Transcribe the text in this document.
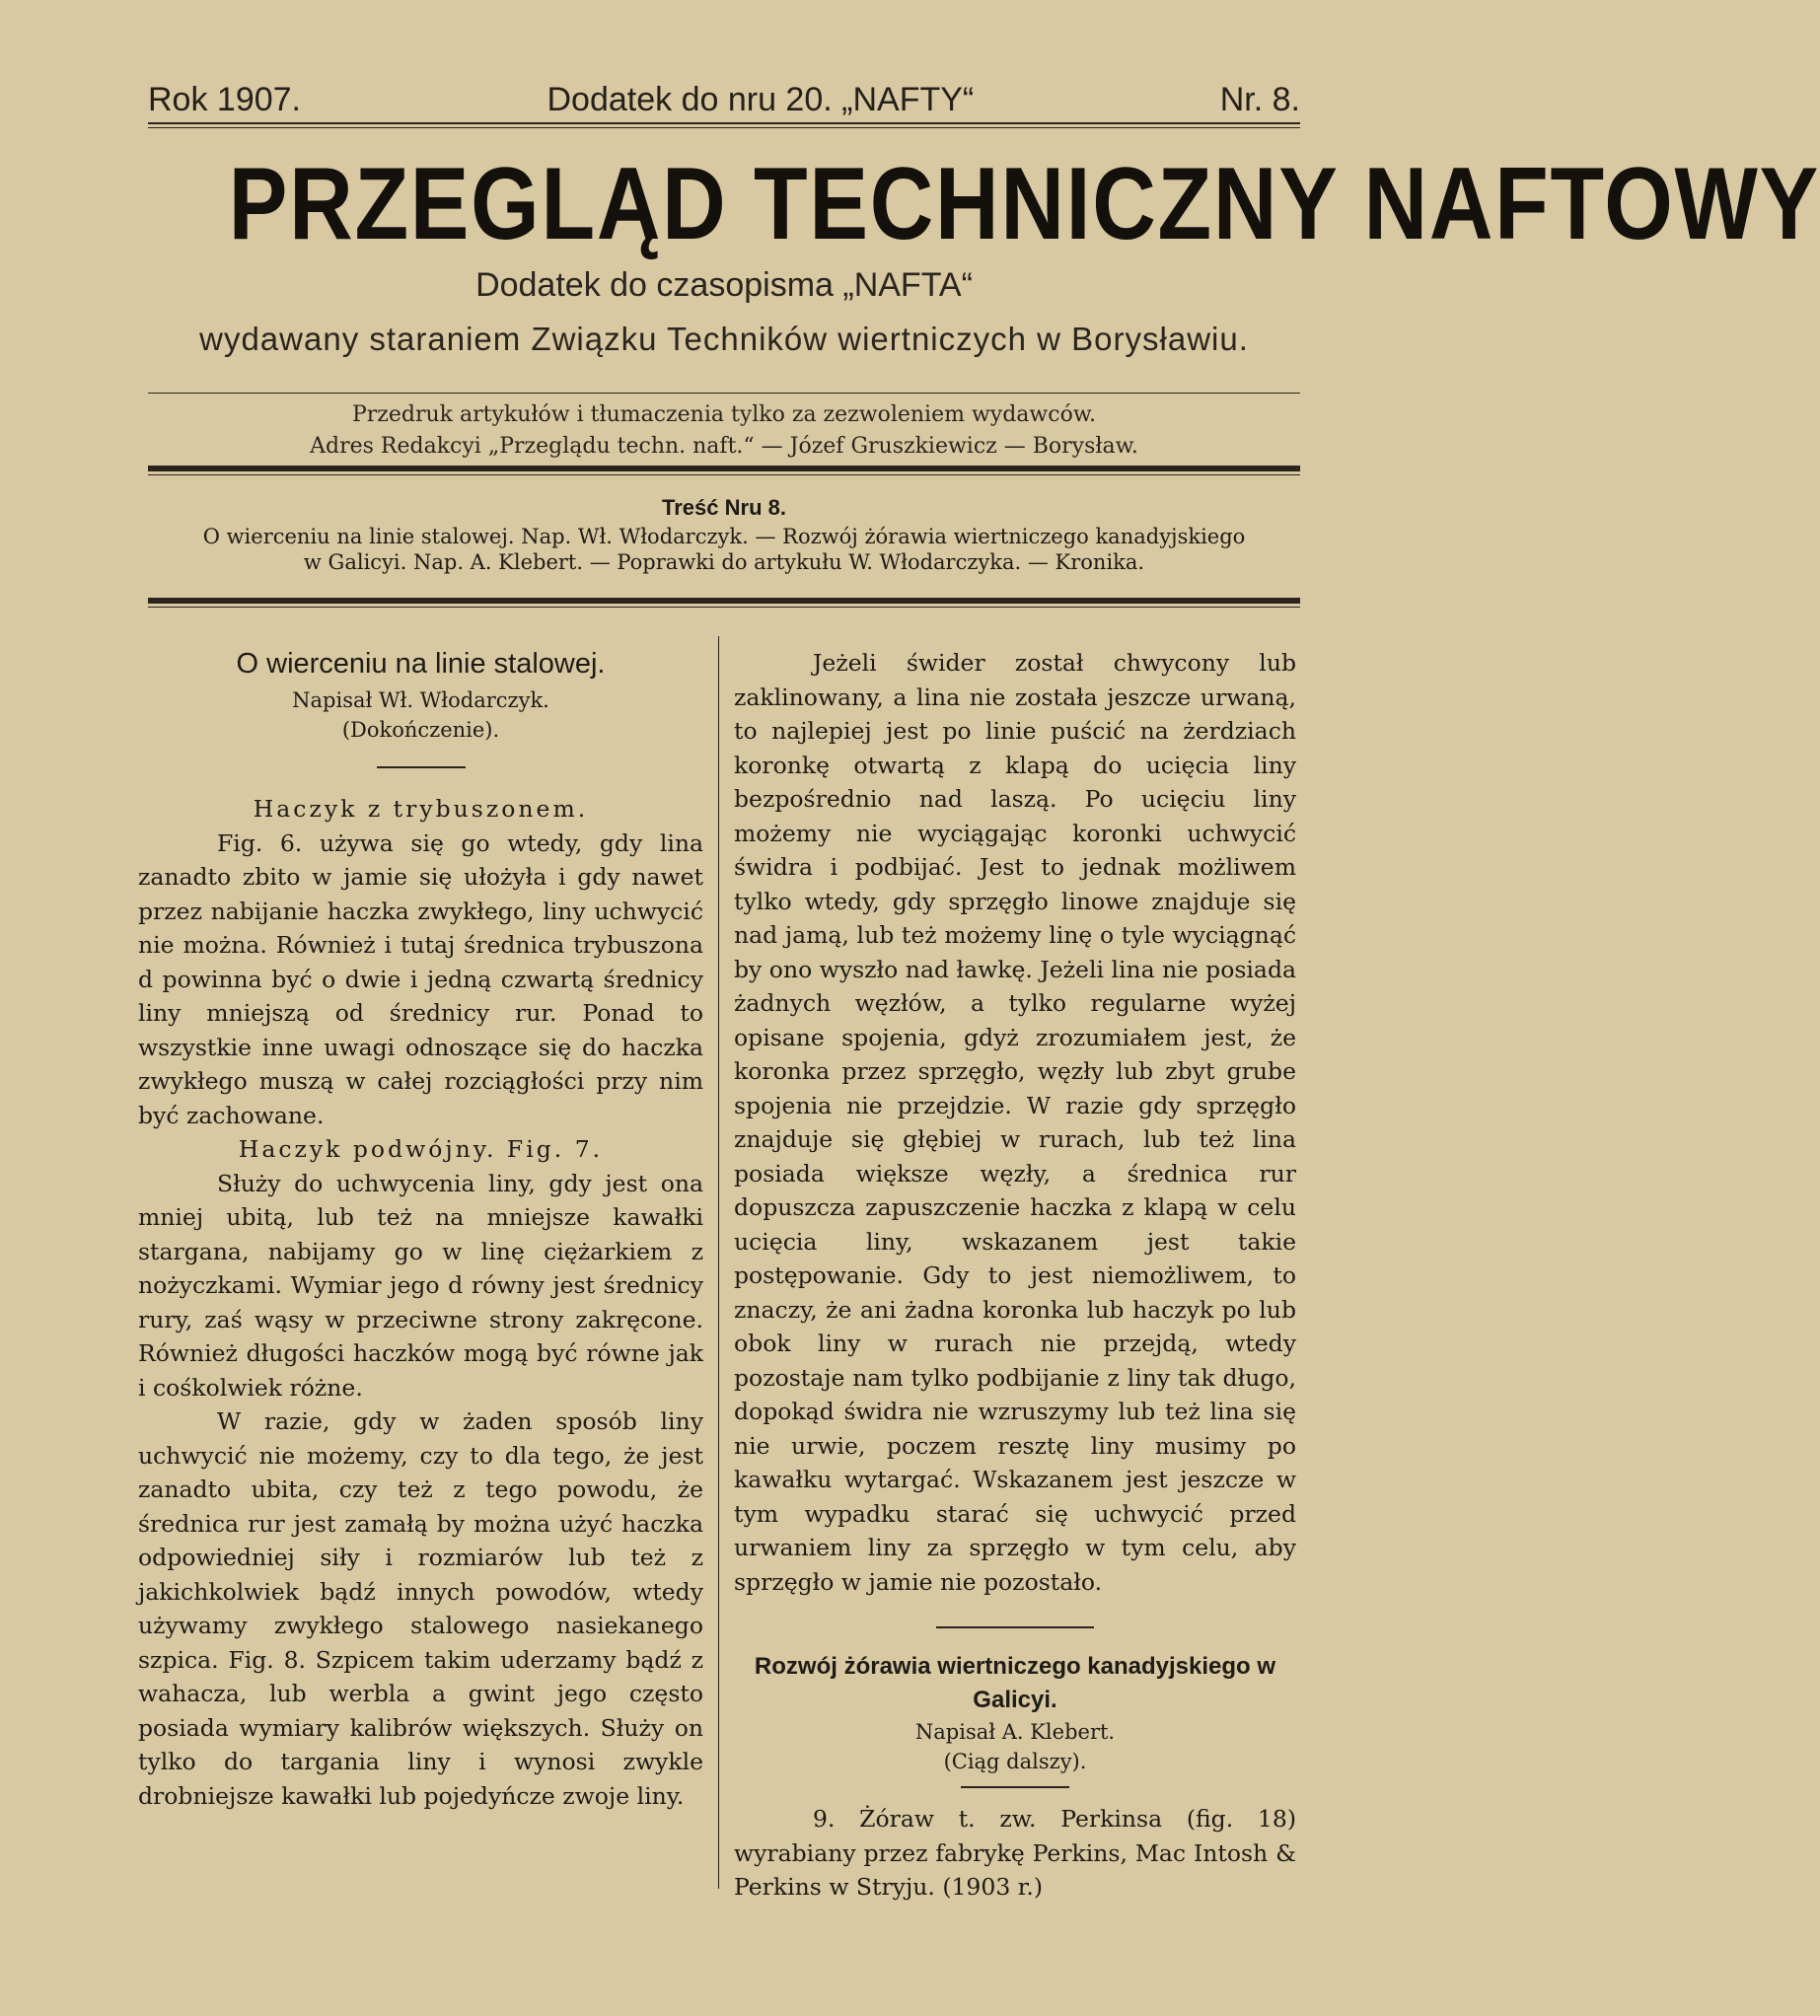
Rok 1907.	Dodatek do nru 20. „NAFTY“	Nr. 8.
PRZEGLĄD TECHNICZNY NAFTOWY
Dodatek do czasopisma „NAFTA“
wydawany staraniem Związku Techników wiertniczych w Borysławiu.
Przedruk artykułów i tłumaczenia tylko za zezwoleniem wydawców.
Adres Redakcyi „Przeglądu techn. naft.“ — Józef Gruszkiewicz — Borysław.
Treść Nru 8.
O wierceniu na linie stalowej. Nap. Wł. Włodarczyk. — Rozwój żórawia wiertniczego kanadyjskiego
w Galicyi. Nap. A. Klebert. — Poprawki do artykułu W. Włodarczyka. — Kronika.
O wierceniu na linie stalowej.

Napisał Wł. Włodarczyk.

(Dokończenie).

Haczyk z trybuszonem.

Fig. 6. używa się go wtedy, gdy lina zanadto zbito w jamie się ułożyła i gdy nawet przez nabijanie haczka zwykłego, liny uchwycić nie można. Również i tutaj średnica trybuszona d powinna być o dwie i jedną czwartą średnicy liny mniejszą od średnicy rur. Ponad to wszystkie inne uwagi odnoszące się do haczka zwykłego muszą w całej rozciągłości przy nim być zachowane.

Haczyk podwójny. Fig. 7.

Służy do uchwycenia liny, gdy jest ona mniej ubitą, lub też na mniejsze kawałki stargana, nabijamy go w linę ciężarkiem z nożyczkami. Wymiar jego d równy jest średnicy rury, zaś wąsy w przeciwne strony zakręcone. Również długości haczków mogą być równe jak i cośkolwiek różne.

W razie, gdy w żaden sposób liny uchwycić nie możemy, czy to dla tego, że jest zanadto ubita, czy też z tego powodu, że średnica rur jest zamałą by można użyć haczka odpowiedniej siły i rozmiarów lub też z jakichkolwiek bądź innych powodów, wtedy używamy zwykłego stalowego nasiekanego szpica. Fig. 8. Szpicem takim uderzamy bądź z wahacza, lub werbla a gwint jego często posiada wymiary kalibrów większych. Służy on tylko do targania liny i wynosi zwykle drobniejsze kawałki lub pojedyńcze zwoje liny.

Jeżeli świder został chwycony lub zaklinowany, a lina nie została jeszcze urwaną, to najlepiej jest po linie puścić na żerdziach koronkę otwartą z klapą do ucięcia liny bezpośrednio nad laszą. Po ucięciu liny możemy nie wyciągając koronki uchwycić świdra i podbijać. Jest to jednak możliwem tylko wtedy, gdy sprzęgło linowe znajduje się nad jamą, lub też możemy linę o tyle wyciągnąć by ono wyszło nad ławkę. Jeżeli lina nie posiada żadnych węzłów, a tylko regularne wyżej opisane spojenia, gdyż zrozumiałem jest, że koronka przez sprzęgło, węzły lub zbyt grube spojenia nie przejdzie. W razie gdy sprzęgło znajduje się głębiej w rurach, lub też lina posiada większe węzły, a średnica rur dopuszcza zapuszczenie haczka z klapą w celu ucięcia liny, wskazanem jest takie postępowanie. Gdy to jest niemożliwem, to znaczy, że ani żadna koronka lub haczyk po lub obok liny w rurach nie przejdą, wtedy pozostaje nam tylko podbijanie z liny tak długo, dopokąd świdra nie wzruszymy lub też lina się nie urwie, poczem resztę liny musimy po kawałku wytargać. Wskazanem jest jeszcze w tym wypadku starać się uchwycić przed urwaniem liny za sprzęgło w tym celu, aby sprzęgło w jamie nie pozostało.

Rozwój żórawia wiertniczego kanadyjskiego w Galicyi.

Napisał A. Klebert.

(Ciąg dalszy).

9. Żóraw t. zw. Perkinsa (fig. 18) wyrabiany przez fabrykę Perkins, Mac Intosh & Perkins w Stryju. (1903 r.)
